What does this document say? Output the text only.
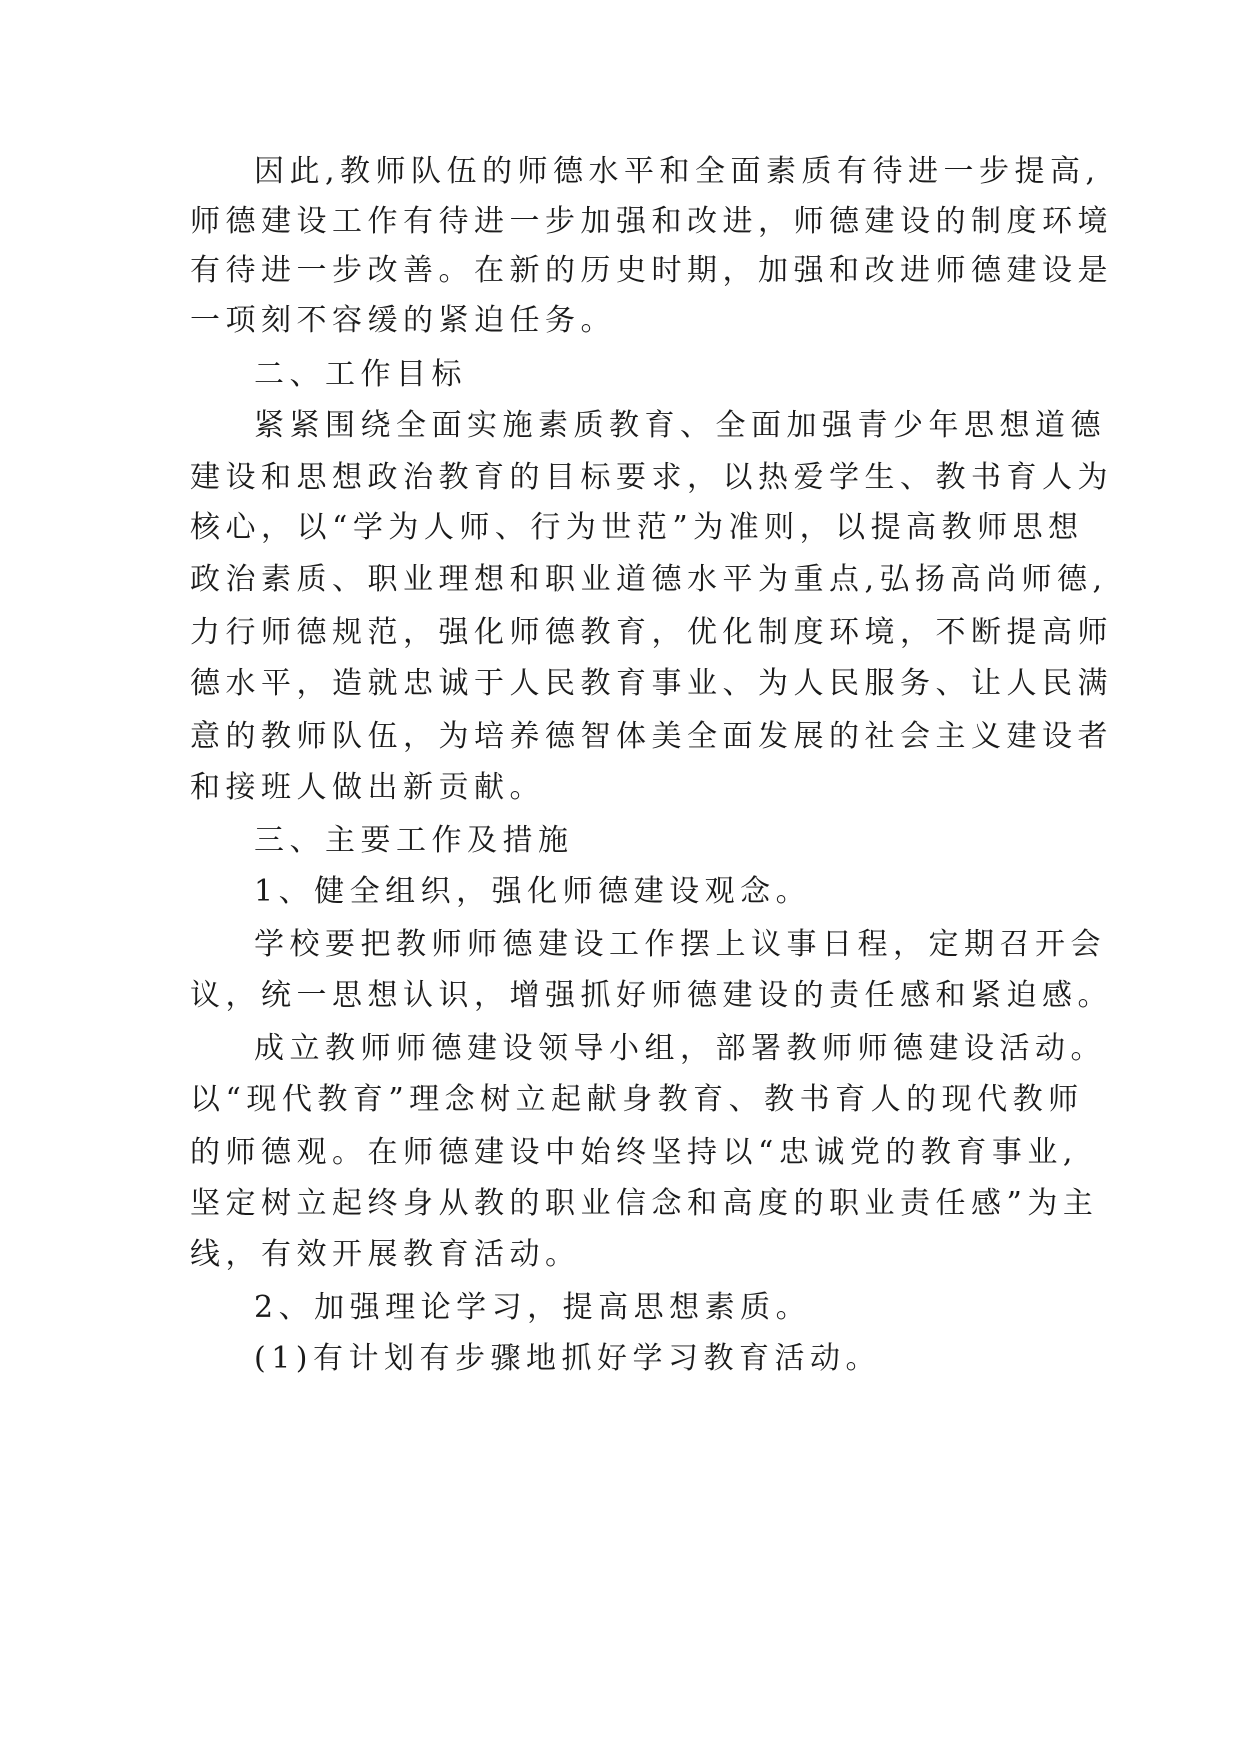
因此,教师队伍的师德水平和全面素质有待进一步提高,
师德建设工作有待进一步加强和改进，师德建设的制度环境
有待进一步改善。在新的历史时期，加强和改进师德建设是
一项刻不容缓的紧迫任务。
二、工作目标
紧紧围绕全面实施素质教育、全面加强青少年思想道德
建设和思想政治教育的目标要求，以热爱学生、教书育人为
核心，以“学为人师、行为世范”为准则，以提高教师思想
政治素质、职业理想和职业道德水平为重点,弘扬高尚师德,
力行师德规范，强化师德教育，优化制度环境，不断提高师
德水平，造就忠诚于人民教育事业、为人民服务、让人民满
意的教师队伍，为培养德智体美全面发展的社会主义建设者
和接班人做出新贡献。
三、主要工作及措施
1、健全组织，强化师德建设观念。
学校要把教师师德建设工作摆上议事日程，定期召开会
议，统一思想认识，增强抓好师德建设的责任感和紧迫感。
成立教师师德建设领导小组，部署教师师德建设活动。
以“现代教育”理念树立起献身教育、教书育人的现代教师
的师德观。在师德建设中始终坚持以“忠诚党的教育事业,
坚定树立起终身从教的职业信念和高度的职业责任感”为主
线，有效开展教育活动。
2、加强理论学习，提高思想素质。
(1)有计划有步骤地抓好学习教育活动。
